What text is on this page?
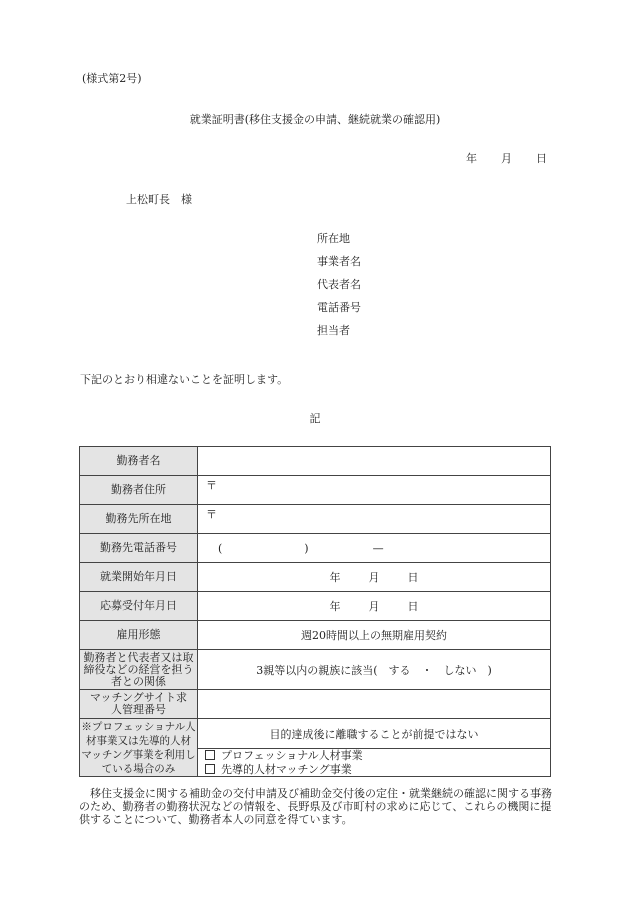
(様式第2号)
就業証明書(移住支援金の申請、継続就業の確認用)
年 月 日
上松町長　様
所在地
事業者名
代表者名
電話番号
担当者
下記のとおり相違ないことを証明します。
記
勤務者名	
勤務者住所	〒

勤務先所在地	〒

勤務先電話番号	( ) —
就業開始年月日	年 月 日
応募受付年月日	年 月 日
雇用形態	週20時間以上の無期雇用契約
勤務者と代表者又は取締役などの経営を担う者との関係	3親等以内の親族に該当(　する　・　しない　)
マッチングサイト求人管理番号	
※プロフェッショナル人材事業又は先導的人材マッチング事業を利用している場合のみ	目的達成後に離職することが前提ではない
	プロフェッショナル人材事業
	先導的人材マッチング事業
移住支援金に関する補助金の交付申請及び補助金交付後の定住・就業継続の確認に関する事務のため、勤務者の勤務状況などの情報を、長野県及び市町村の求めに応じて、これらの機関に提供することについて、勤務者本人の同意を得ています。
